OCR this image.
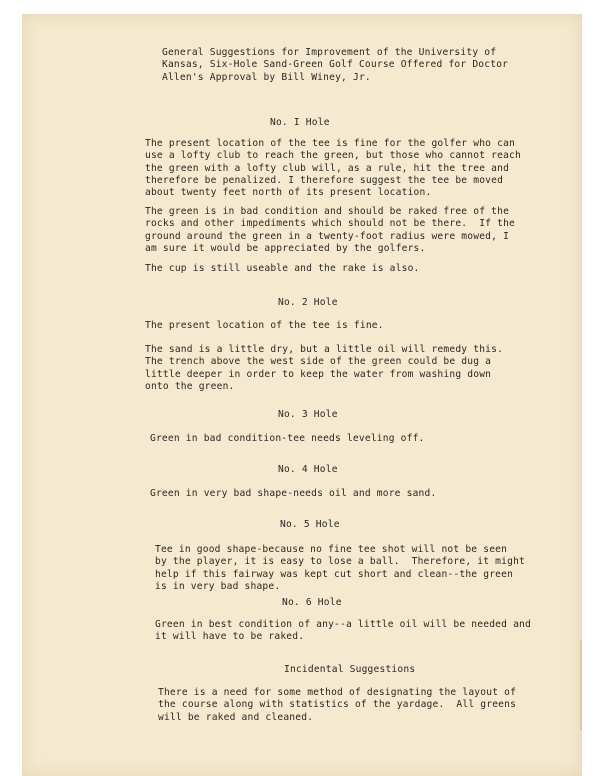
General Suggestions for Improvement of the University of
Kansas, Six-Hole Sand-Green Golf Course Offered for Doctor
Allen's Approval by Bill Winey, Jr.
No. I Hole
The present location of the tee is fine for the golfer who can
use a lofty club to reach the green, but those who cannot reach
the green with a lofty club will, as a rule, hit the tree and
therefore be penalized. I therefore suggest the tee be moved
about twenty feet north of its present location.
The green is in bad condition and should be raked free of the
rocks and other impediments which should not be there.  If the
ground around the green in a twenty-foot radius were mowed, I
am sure it would be appreciated by the golfers.
The cup is still useable and the rake is also.
No. 2 Hole
The present location of the tee is fine.
The sand is a little dry, but a little oil will remedy this.
The trench above the west side of the green could be dug a
little deeper in order to keep the water from washing down
onto the green.
No. 3 Hole
Green in bad condition-tee needs leveling off.
No. 4 Hole
Green in very bad shape-needs oil and more sand.
No. 5 Hole
Tee in good shape-because no fine tee shot will not be seen
by the player, it is easy to lose a ball.  Therefore, it might
help if this fairway was kept cut short and clean--the green
is in very bad shape.
No. 6 Hole
Green in best condition of any--a little oil will be needed and
it will have to be raked.
Incidental Suggestions
There is a need for some method of designating the layout of
the course along with statistics of the yardage.  All greens
will be raked and cleaned.
